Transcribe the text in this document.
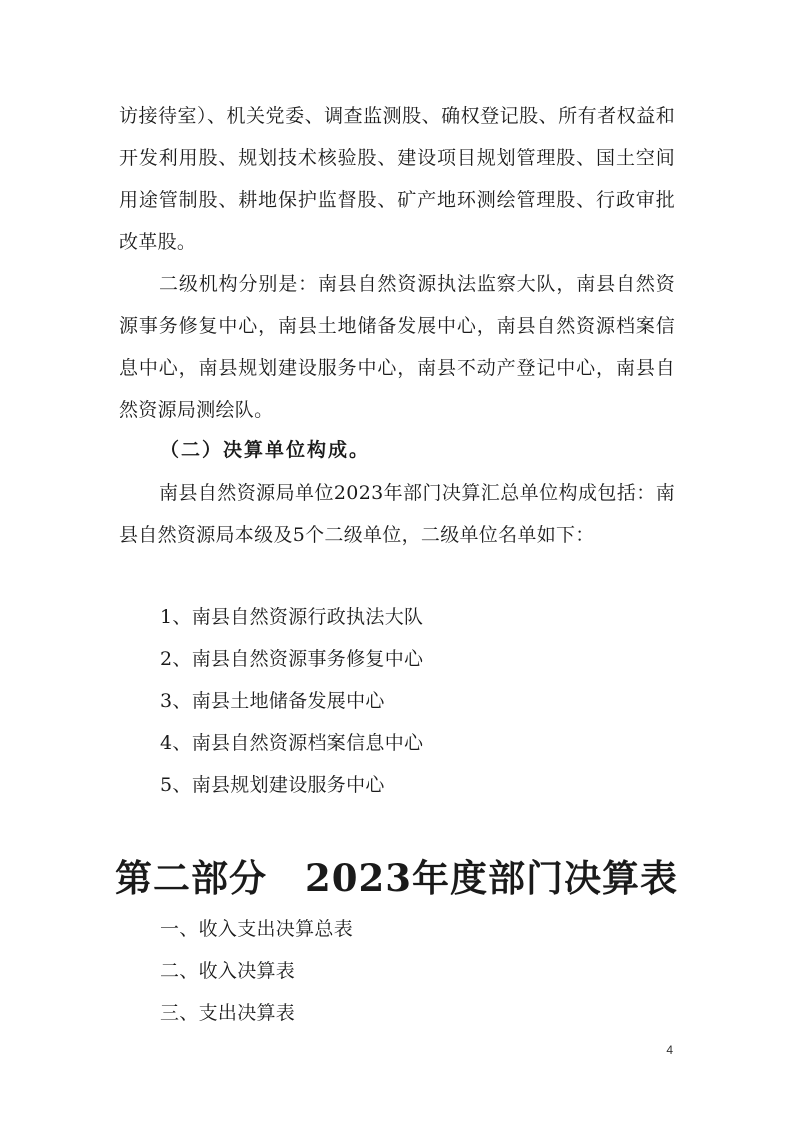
访接待室）、机关党委、调查监测股、确权登记股、所有者权益和开发利用股、规划技术核验股、建设项目规划管理股、国土空间用途管制股、耕地保护监督股、矿产地环测绘管理股、行政审批改革股。

二级机构分别是：南县自然资源执法监察大队，南县自然资源事务修复中心，南县土地储备发展中心，南县自然资源档案信息中心，南县规划建设服务中心，南县不动产登记中心，南县自然资源局测绘队。

（二）决算单位构成。

南县自然资源局单位2023年部门决算汇总单位构成包括：南县自然资源局本级及5个二级单位，二级单位名单如下：

1、南县自然资源行政执法大队

2、南县自然资源事务修复中心

3、南县土地储备发展中心

4、南县自然资源档案信息中心

5、南县规划建设服务中心

第二部分　2023年度部门决算表

一、收入支出决算总表

二、收入决算表

三、支出决算表

4
